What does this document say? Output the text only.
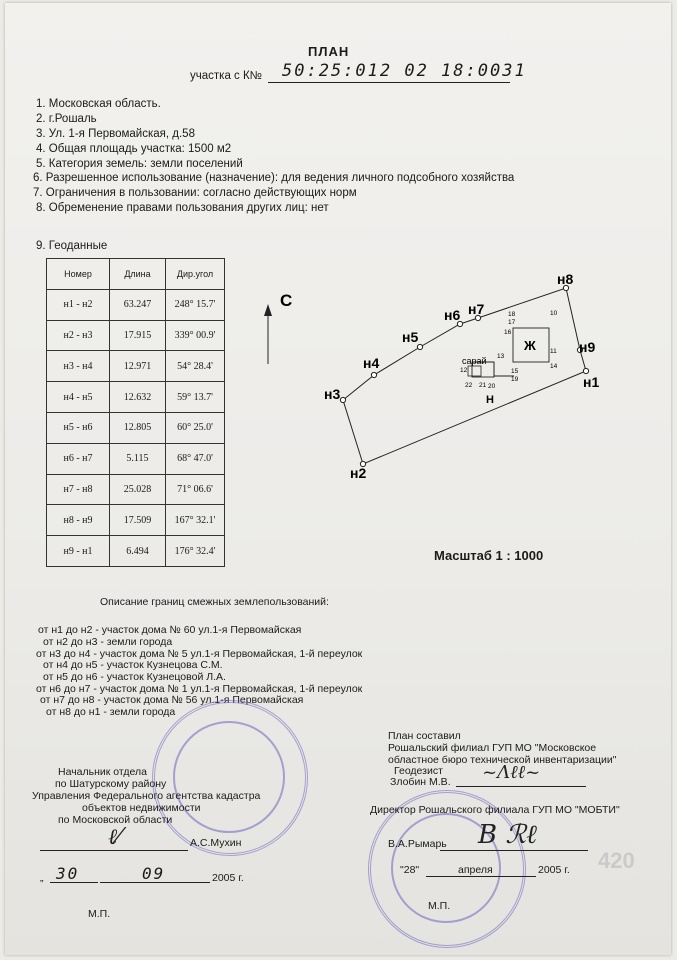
ПЛАН
участка с К№ 50:25:012 02 18:0031
1. Московская область.
2. г.Рошаль
3. Ул. 1-я Первомайская, д.58
4. Общая площадь участка: 1500 м2
5. Категория земель: земли поселений
6. Разрешенное использование (назначение): для ведения личного подсобного хозяйства
7. Ограничения в пользовании: согласно действующих норм
8. Обременение правами пользования других лиц: нет
9. Геоданные
Номер	Длина	Дир.угол
н1 - н2	63.247	248° 15.7'
н2 - н3	17.915	339° 00.9'
н3 - н4	12.971	54° 28.4'
н4 - н5	12.632	59° 13.7'
н5 - н6	12.805	60° 25.0'
н6 - н7	5.115	68° 47.0'
н7 - н8	25.028	71° 06.6'
н8 - н9	17.509	167° 32.1'
н9 - н1	6.494	176° 32.4'
С
н1
н2
н3
н4
н5
н6 н7
н8
н9
Ж
Н
сарай
18
17
16
10
11
14
13
12	15
19
22 21 20
Масштаб 1 : 1000
Описание границ смежных землепользований:
от н1 до н2 - участок дома № 60 ул.1-я Первомайская
от н2 до н3 - земли города
от н3 до н4 - участок дома № 5 ул.1-я Первомайская, 1-й переулок
от н4 до н5 - участок Кузнецова С.М.
от н5 до н6 - участок Кузнецовой Л.А.
от н6 до н7 - участок дома № 1 ул.1-я Первомайская, 1-й переулок
от н7 до н8 - участок дома № 56 ул.1-я Первомайская
от н8 до н1 - земли города
Начальник отдела
по Шатурскому району
Управления Федерального агентства кадастра
объектов недвижимости
по Московской области
ℓ⁄	А.С.Мухин
„ 30	09	2005 г.
М.П.
План составил
Рошальский филиал ГУП МО "Московское
областное бюро технической инвентаризации"
Геодезист
Злобин М.В. ~Ʌℓℓ~
Директор Рошальского филиала ГУП МО "МОБТИ"
B ℛℓ
В.А.Рымарь
"28"	апреля	2005 г.
М.П.
420
